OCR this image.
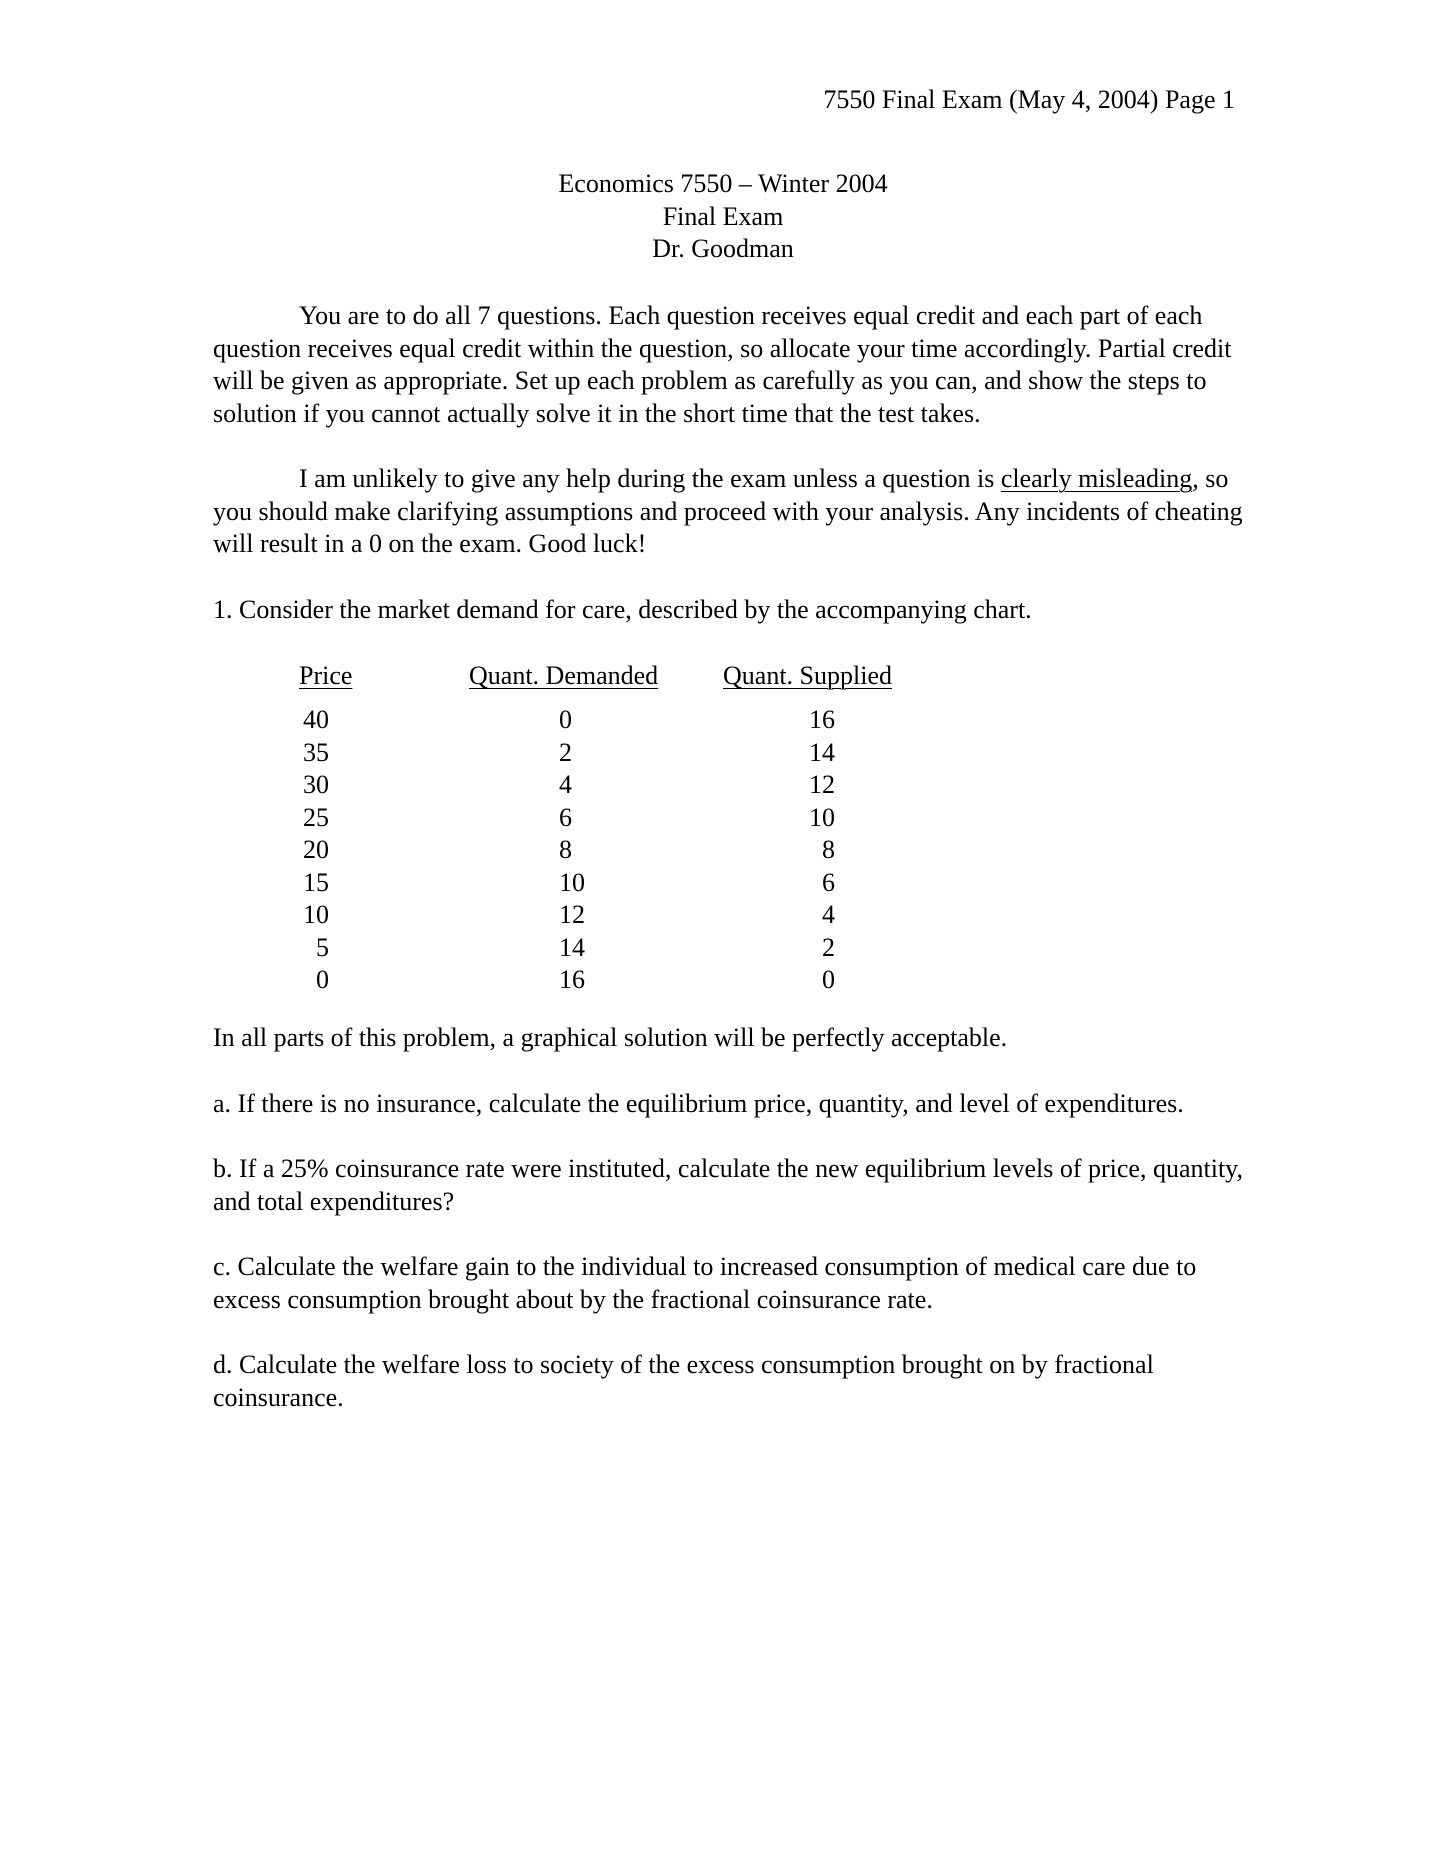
7550 Final Exam (May 4, 2004) Page 1
Economics 7550 – Winter 2004
Final Exam
Dr. Goodman

You are to do all 7 questions. Each question receives equal credit and each part of each question receives equal credit within the question, so allocate your time accordingly. Partial credit will be given as appropriate. Set up each problem as carefully as you can, and show the steps to solution if you cannot actually solve it in the short time that the test takes.

I am unlikely to give any help during the exam unless a question is clearly misleading, so you should make clarifying assumptions and proceed with your analysis. Any incidents of cheating will result in a 0 on the exam. Good luck!

1. Consider the market demand for care, described by the accompanying chart.

Price	Quant. Demanded Quant. Supplied
40
35
30
25
20
15
10
5
0
0
2
4
6
8
10
12
14
16
16
14
12
10
8
6
4
2
0

In all parts of this problem, a graphical solution will be perfectly acceptable.

a. If there is no insurance, calculate the equilibrium price, quantity, and level of expenditures.

b. If a 25% coinsurance rate were instituted, calculate the new equilibrium levels of price, quantity, and total expenditures?

c. Calculate the welfare gain to the individual to increased consumption of medical care due to excess consumption brought about by the fractional coinsurance rate.

d. Calculate the welfare loss to society of the excess consumption brought on by fractional coinsurance.
